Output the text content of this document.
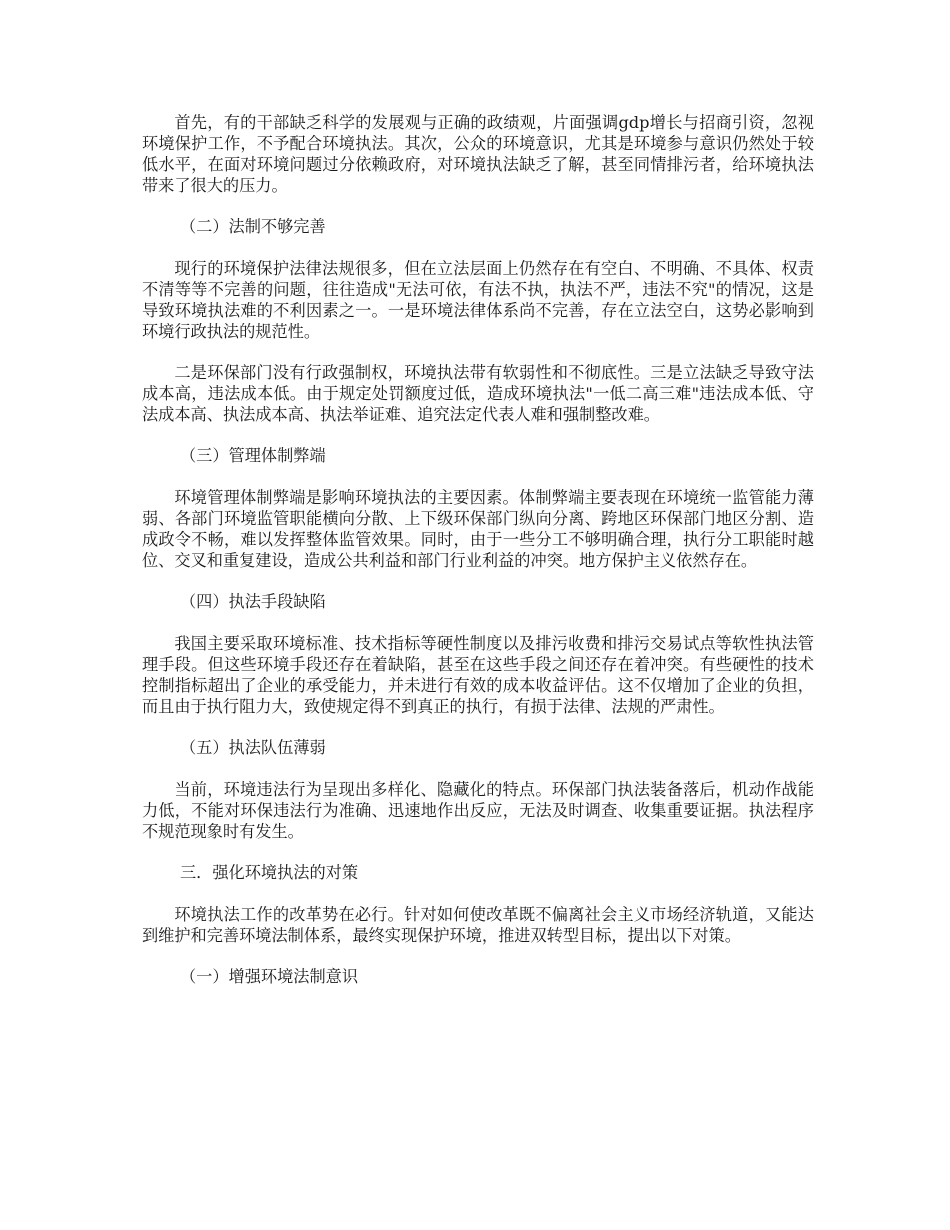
首先，有的干部缺乏科学的发展观与正确的政绩观，片面强调gdp增长与招商引资，忽视环境保护工作，不予配合环境执法。其次，公众的环境意识，尤其是环境参与意识仍然处于较低水平，在面对环境问题过分依赖政府，对环境执法缺乏了解，甚至同情排污者，给环境执法带来了很大的压力。

（二）法制不够完善

现行的环境保护法律法规很多，但在立法层面上仍然存在有空白、不明确、不具体、权责不清等等不完善的问题，往往造成"无法可依，有法不执，执法不严，违法不究"的情况，这是导致环境执法难的不利因素之一。一是环境法律体系尚不完善，存在立法空白，这势必影响到环境行政执法的规范性。

二是环保部门没有行政强制权，环境执法带有软弱性和不彻底性。三是立法缺乏导致守法成本高，违法成本低。由于规定处罚额度过低，造成环境执法"一低二高三难"违法成本低、守法成本高、执法成本高、执法举证难、追究法定代表人难和强制整改难。

（三）管理体制弊端

环境管理体制弊端是影响环境执法的主要因素。体制弊端主要表现在环境统一监管能力薄弱、各部门环境监管职能横向分散、上下级环保部门纵向分离、跨地区环保部门地区分割、造成政令不畅，难以发挥整体监管效果。同时，由于一些分工不够明确合理，执行分工职能时越位、交叉和重复建设，造成公共利益和部门行业利益的冲突。地方保护主义依然存在。

（四）执法手段缺陷

我国主要采取环境标准、技术指标等硬性制度以及排污收费和排污交易试点等软性执法管理手段。但这些环境手段还存在着缺陷，甚至在这些手段之间还存在着冲突。有些硬性的技术控制指标超出了企业的承受能力，并未进行有效的成本收益评估。这不仅增加了企业的负担，而且由于执行阻力大，致使规定得不到真正的执行，有损于法律、法规的严肃性。

（五）执法队伍薄弱

当前，环境违法行为呈现出多样化、隐藏化的特点。环保部门执法装备落后，机动作战能力低，不能对环保违法行为准确、迅速地作出反应，无法及时调查、收集重要证据。执法程序不规范现象时有发生。

三．强化环境执法的对策

环境执法工作的改革势在必行。针对如何使改革既不偏离社会主义市场经济轨道，又能达到维护和完善环境法制体系，最终实现保护环境，推进双转型目标，提出以下对策。

（一）增强环境法制意识
